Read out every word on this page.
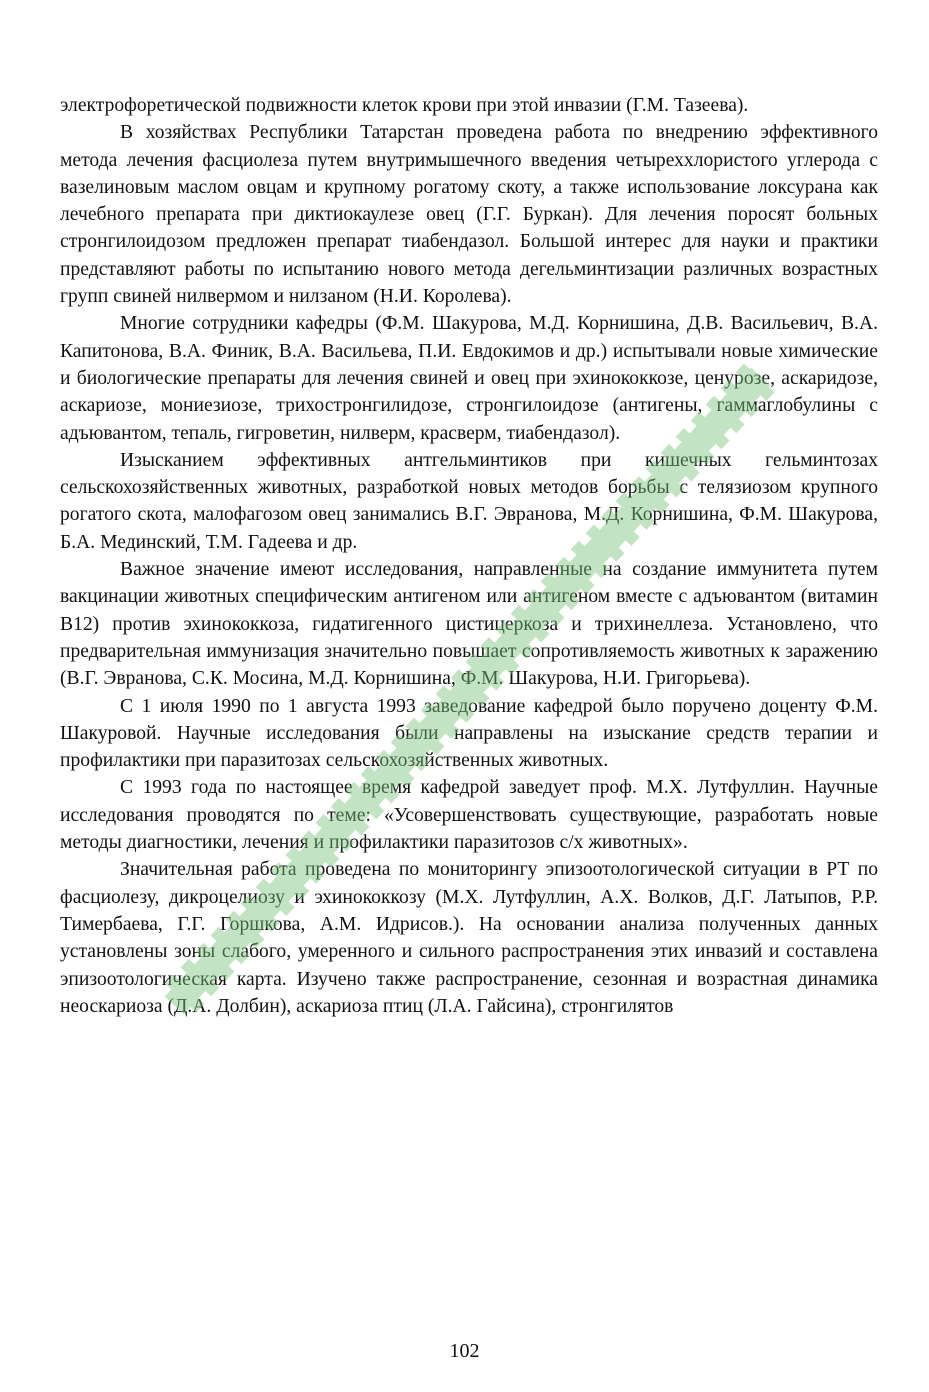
электрофоретической подвижности клеток крови при этой инвазии (Г.М. Тазеева).

В хозяйствах Республики Татарстан проведена работа по внедрению эффективного метода лечения фасциолеза путем внутримышечного введения четыреххлористого углерода с вазелиновым маслом овцам и крупному рогатому скоту, а также использование локсурана как лечебного препарата при диктиокаулезе овец (Г.Г. Буркан). Для лечения поросят больных стронгилоидозом предложен препарат тиабендазол. Большой интерес для науки и практики представляют работы по испытанию нового метода дегельминтизации различных возрастных групп свиней нилвермом и нилзаном (Н.И. Королева).

Многие сотрудники кафедры (Ф.М. Шакурова, М.Д. Корнишина, Д.В. Васильевич, В.А. Капитонова, В.А. Финик, В.А. Васильева, П.И. Евдокимов и др.) испытывали новые химические и биологические препараты для лечения свиней и овец при эхинококкозе, ценурозе, аскаридозе, аскариозе, мониезиозе, трихостронгилидозе, стронгилоидозе (антигены, гаммаглобулины с адъювантом, тепаль, гигроветин, нилверм, красверм, тиабендазол).

Изысканием эффективных антгельминтиков при кишечных гельминтозах сельскохозяйственных животных, разработкой новых методов борьбы с телязиозом крупного рогатого скота, малофагозом овец занимались В.Г. Эвранова, М.Д. Корнишина, Ф.М. Шакурова, Б.А. Мединский, Т.М. Гадеева и др.

Важное значение имеют исследования, направленные на создание иммунитета путем вакцинации животных специфическим антигеном или антигеном вместе с адъювантом (витамин B12) против эхинококкоза, гидатигенного цистицеркоза и трихинеллеза. Установлено, что предварительная иммунизация значительно повышает сопротивляемость животных к заражению (В.Г. Эвранова, С.К. Мосина, М.Д. Корнишина, Ф.М. Шакурова, Н.И. Григорьева).

С 1 июля 1990 по 1 августа 1993 заведование кафедрой было поручено доценту Ф.М. Шакуровой. Научные исследования были направлены на изыскание средств терапии и профилактики при паразитозах сельскохозяйственных животных.

С 1993 года по настоящее время кафедрой заведует проф. М.Х. Лутфуллин. Научные исследования проводятся по теме: «Усовершенствовать существующие, разработать новые методы диагностики, лечения и профилактики паразитозов с/х животных».

Значительная работа проведена по мониторингу эпизоотологической ситуации в РТ по фасциолезу, дикроцелиозу и эхинококкозу (М.Х. Лутфуллин, А.Х. Волков, Д.Г. Латыпов, Р.Р. Тимербаева, Г.Г. Горшкова, А.М. Идрисов.). На основании анализа полученных данных установлены зоны слабого, умеренного и сильного распространения этих инвазий и составлена эпизоотологическая карта. Изучено также распространение, сезонная и возрастная динамика неоскариоза (Д.А. Долбин), аскариоза птиц (Л.А. Гайсина), стронгилятов

102
